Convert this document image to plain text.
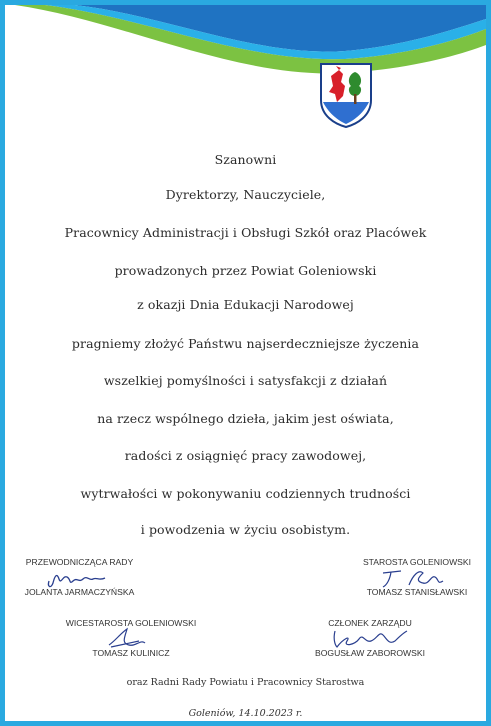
Szanowni
Dyrektorzy, Nauczyciele,
Pracownicy Administracji i Obsługi Szkół oraz Placówek
prowadzonych przez Powiat Goleniowski
z okazji Dnia Edukacji Narodowej
pragniemy złożyć Państwu najserdeczniejsze życzenia
wszelkiej pomyślności i satysfakcji z działań
na rzecz wspólnego dzieła, jakim jest oświata,
radości z osiągnięć pracy zawodowej,
wytrwałości w pokonywaniu codziennych trudności
i powodzenia w życiu osobistym.
PRZEWODNICZĄCA RADY
JOLANTA JARMACZYŃSKA
STAROSTA GOLENIOWSKI
TOMASZ STANISŁAWSKI
WICESTAROSTA GOLENIOWSKI
TOMASZ KULINICZ
CZŁONEK ZARZĄDU
BOGUSŁAW ZABOROWSKI
oraz Radni Rady Powiatu i Pracownicy Starostwa
Goleniów, 14.10.2023 r.
